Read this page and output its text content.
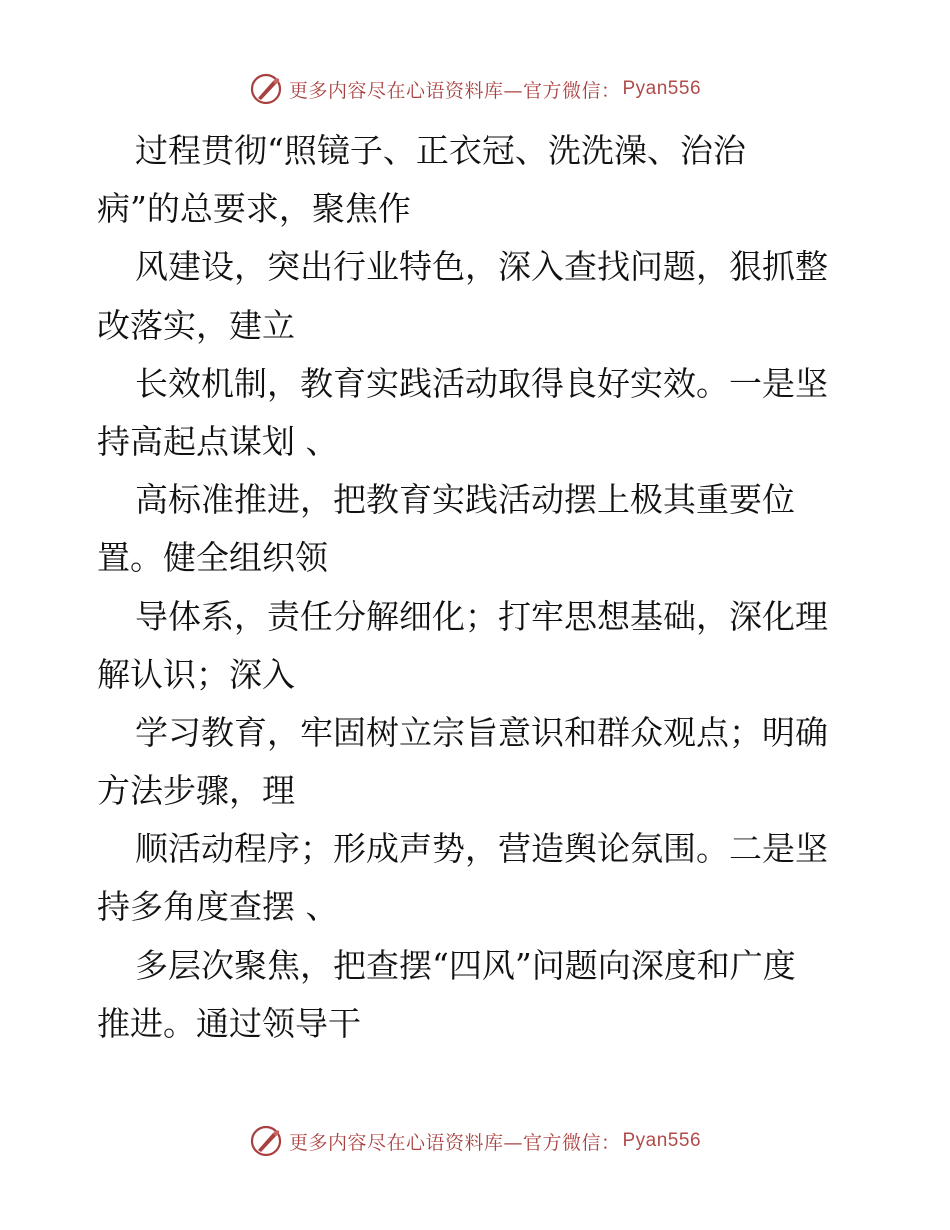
更多内容尽在心语资料库—官方微信： Pyan556
过程贯彻“照镜子、正衣冠、洗洗澡、治治
病”的总要求，聚焦作
风建设，突出行业特色，深入查找问题，狠抓整
改落实，建立
长效机制，教育实践活动取得良好实效。一是坚
持高起点谋划 、
高标准推进，把教育实践活动摆上极其重要位
置。健全组织领
导体系，责任分解细化；打牢思想基础，深化理
解认识；深入
学习教育，牢固树立宗旨意识和群众观点；明确
方法步骤，理
顺活动程序；形成声势，营造舆论氛围。二是坚
持多角度查摆 、
多层次聚焦，把查摆“四风”问题向深度和广度
推进。通过领导干
更多内容尽在心语资料库—官方微信： Pyan556
